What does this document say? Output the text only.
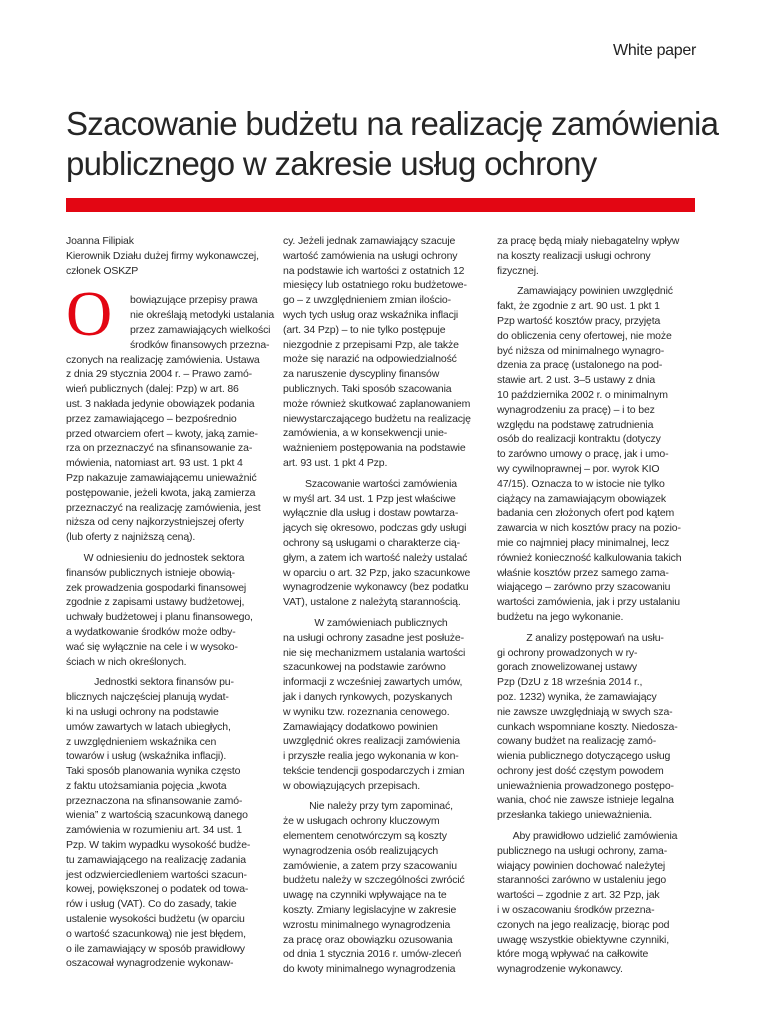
White paper
Szacowanie budżetu na realizację zamówienia
publicznego w zakresie usług ochrony
Joanna Filipiak
Kierownik Działu dużej firmy wykonawczej,
członek OSKZP
O	bowiązujące przepisy prawa
nie określają metodyki ustalania
przez zamawiających wielkości
środków finansowych przezna-
czonych na realizację zamówienia. Ustawa
z dnia 29 stycznia 2004 r. – Prawo zamó-
wień publicznych (dalej: Pzp) w art. 86
ust. 3 nakłada jedynie obowiązek podania
przez zamawiającego – bezpośrednio
przed otwarciem ofert – kwoty, jaką zamie-
rza on przeznaczyć na sfinansowanie za-
mówienia, natomiast art. 93 ust. 1 pkt 4
Pzp nakazuje zamawiającemu unieważnić
postępowanie, jeżeli kwota, jaką zamierza
przeznaczyć na realizację zamówienia, jest
niższa od ceny najkorzystniejszej oferty
(lub oferty z najniższą ceną).
W odniesieniu do jednostek sektora
finansów publicznych istnieje obowią-
zek prowadzenia gospodarki finansowej
zgodnie z zapisami ustawy budżetowej,
uchwały budżetowej i planu finansowego,
a wydatkowanie środków może odby-
wać się wyłącznie na cele i w wysoko-
ściach w nich określonych.
Jednostki sektora finansów pu-
blicznych najczęściej planują wydat-
ki na usługi ochrony na podstawie
umów zawartych w latach ubiegłych,
z uwzględnieniem wskaźnika cen
towarów i usług (wskaźnika inflacji).
Taki sposób planowania wynika często
z faktu utożsamiania pojęcia „kwota
przeznaczona na sfinansowanie zamó-
wienia” z wartością szacunkową danego
zamówienia w rozumieniu art. 34 ust. 1
Pzp. W takim wypadku wysokość budże-
tu zamawiającego na realizację zadania
jest odzwierciedleniem wartości szacun-
kowej, powiększonej o podatek od towa-
rów i usług (VAT). Co do zasady, takie
ustalenie wysokości budżetu (w oparciu
o wartość szacunkową) nie jest błędem,
o ile zamawiający w sposób prawidłowy
oszacował wynagrodzenie wykonaw-
cy. Jeżeli jednak zamawiający szacuje
wartość zamówienia na usługi ochrony
na podstawie ich wartości z ostatnich 12
miesięcy lub ostatniego roku budżetowe-
go – z uwzględnieniem zmian ilościo-
wych tych usług oraz wskaźnika inflacji
(art. 34 Pzp) – to nie tylko postępuje
niezgodnie z przepisami Pzp, ale także
może się narazić na odpowiedzialność
za naruszenie dyscypliny finansów
publicznych. Taki sposób szacowania
może również skutkować zaplanowaniem
niewystarczającego budżetu na realizację
zamówienia, a w konsekwencji unie-
ważnieniem postępowania na podstawie
art. 93 ust. 1 pkt 4 Pzp.
Szacowanie wartości zamówienia
w myśl art. 34 ust. 1 Pzp jest właściwe
wyłącznie dla usług i dostaw powtarza-
jących się okresowo, podczas gdy usługi
ochrony są usługami o charakterze cią-
głym, a zatem ich wartość należy ustalać
w oparciu o art. 32 Pzp, jako szacunkowe
wynagrodzenie wykonawcy (bez podatku
VAT), ustalone z należytą starannością.
W zamówieniach publicznych
na usługi ochrony zasadne jest posłuże-
nie się mechanizmem ustalania wartości
szacunkowej na podstawie zarówno
informacji z wcześniej zawartych umów,
jak i danych rynkowych, pozyskanych
w wyniku tzw. rozeznania cenowego.
Zamawiający dodatkowo powinien
uwzględnić okres realizacji zamówienia
i przyszłe realia jego wykonania w kon-
tekście tendencji gospodarczych i zmian
w obowiązujących przepisach.
Nie należy przy tym zapominać,
że w usługach ochrony kluczowym
elementem cenotwórczym są koszty
wynagrodzenia osób realizujących
zamówienie, a zatem przy szacowaniu
budżetu należy w szczególności zwrócić
uwagę na czynniki wpływające na te
koszty. Zmiany legislacyjne w zakresie
wzrostu minimalnego wynagrodzenia
za pracę oraz obowiązku ozusowania
od dnia 1 stycznia 2016 r. umów-zleceń
do kwoty minimalnego wynagrodzenia
za pracę będą miały niebagatelny wpływ
na koszty realizacji usługi ochrony
fizycznej.
Zamawiający powinien uwzględnić
fakt, że zgodnie z art. 90 ust. 1 pkt 1
Pzp wartość kosztów pracy, przyjęta
do obliczenia ceny ofertowej, nie może
być niższa od minimalnego wynagro-
dzenia za pracę (ustalonego na pod-
stawie art. 2 ust. 3–5 ustawy z dnia
10 października 2002 r. o minimalnym
wynagrodzeniu za pracę) – i to bez
względu na podstawę zatrudnienia
osób do realizacji kontraktu (dotyczy
to zarówno umowy o pracę, jak i umo-
wy cywilnoprawnej – por. wyrok KIO
47/15). Oznacza to w istocie nie tylko
ciążący na zamawiającym obowiązek
badania cen złożonych ofert pod kątem
zawarcia w nich kosztów pracy na pozio-
mie co najmniej płacy minimalnej, lecz
również konieczność kalkulowania takich
właśnie kosztów przez samego zama-
wiającego – zarówno przy szacowaniu
wartości zamówienia, jak i przy ustalaniu
budżetu na jego wykonanie.
Z analizy postępowań na usłu-
gi ochrony prowadzonych w ry-
gorach znowelizowanej ustawy
Pzp (DzU z 18 września 2014 r.,
poz. 1232) wynika, że zamawiający
nie zawsze uwzględniają w swych sza-
cunkach wspomniane koszty. Niedosza-
cowany budżet na realizację zamó-
wienia publicznego dotyczącego usług
ochrony jest dość częstym powodem
unieważnienia prowadzonego postępo-
wania, choć nie zawsze istnieje legalna
przesłanka takiego unieważnienia.
Aby prawidłowo udzielić zamówienia
publicznego na usługi ochrony, zama-
wiający powinien dochować należytej
staranności zarówno w ustaleniu jego
wartości – zgodnie z art. 32 Pzp, jak
i w oszacowaniu środków przezna-
czonych na jego realizację, biorąc pod
uwagę wszystkie obiektywne czynniki,
które mogą wpływać na całkowite
wynagrodzenie wykonawcy.
